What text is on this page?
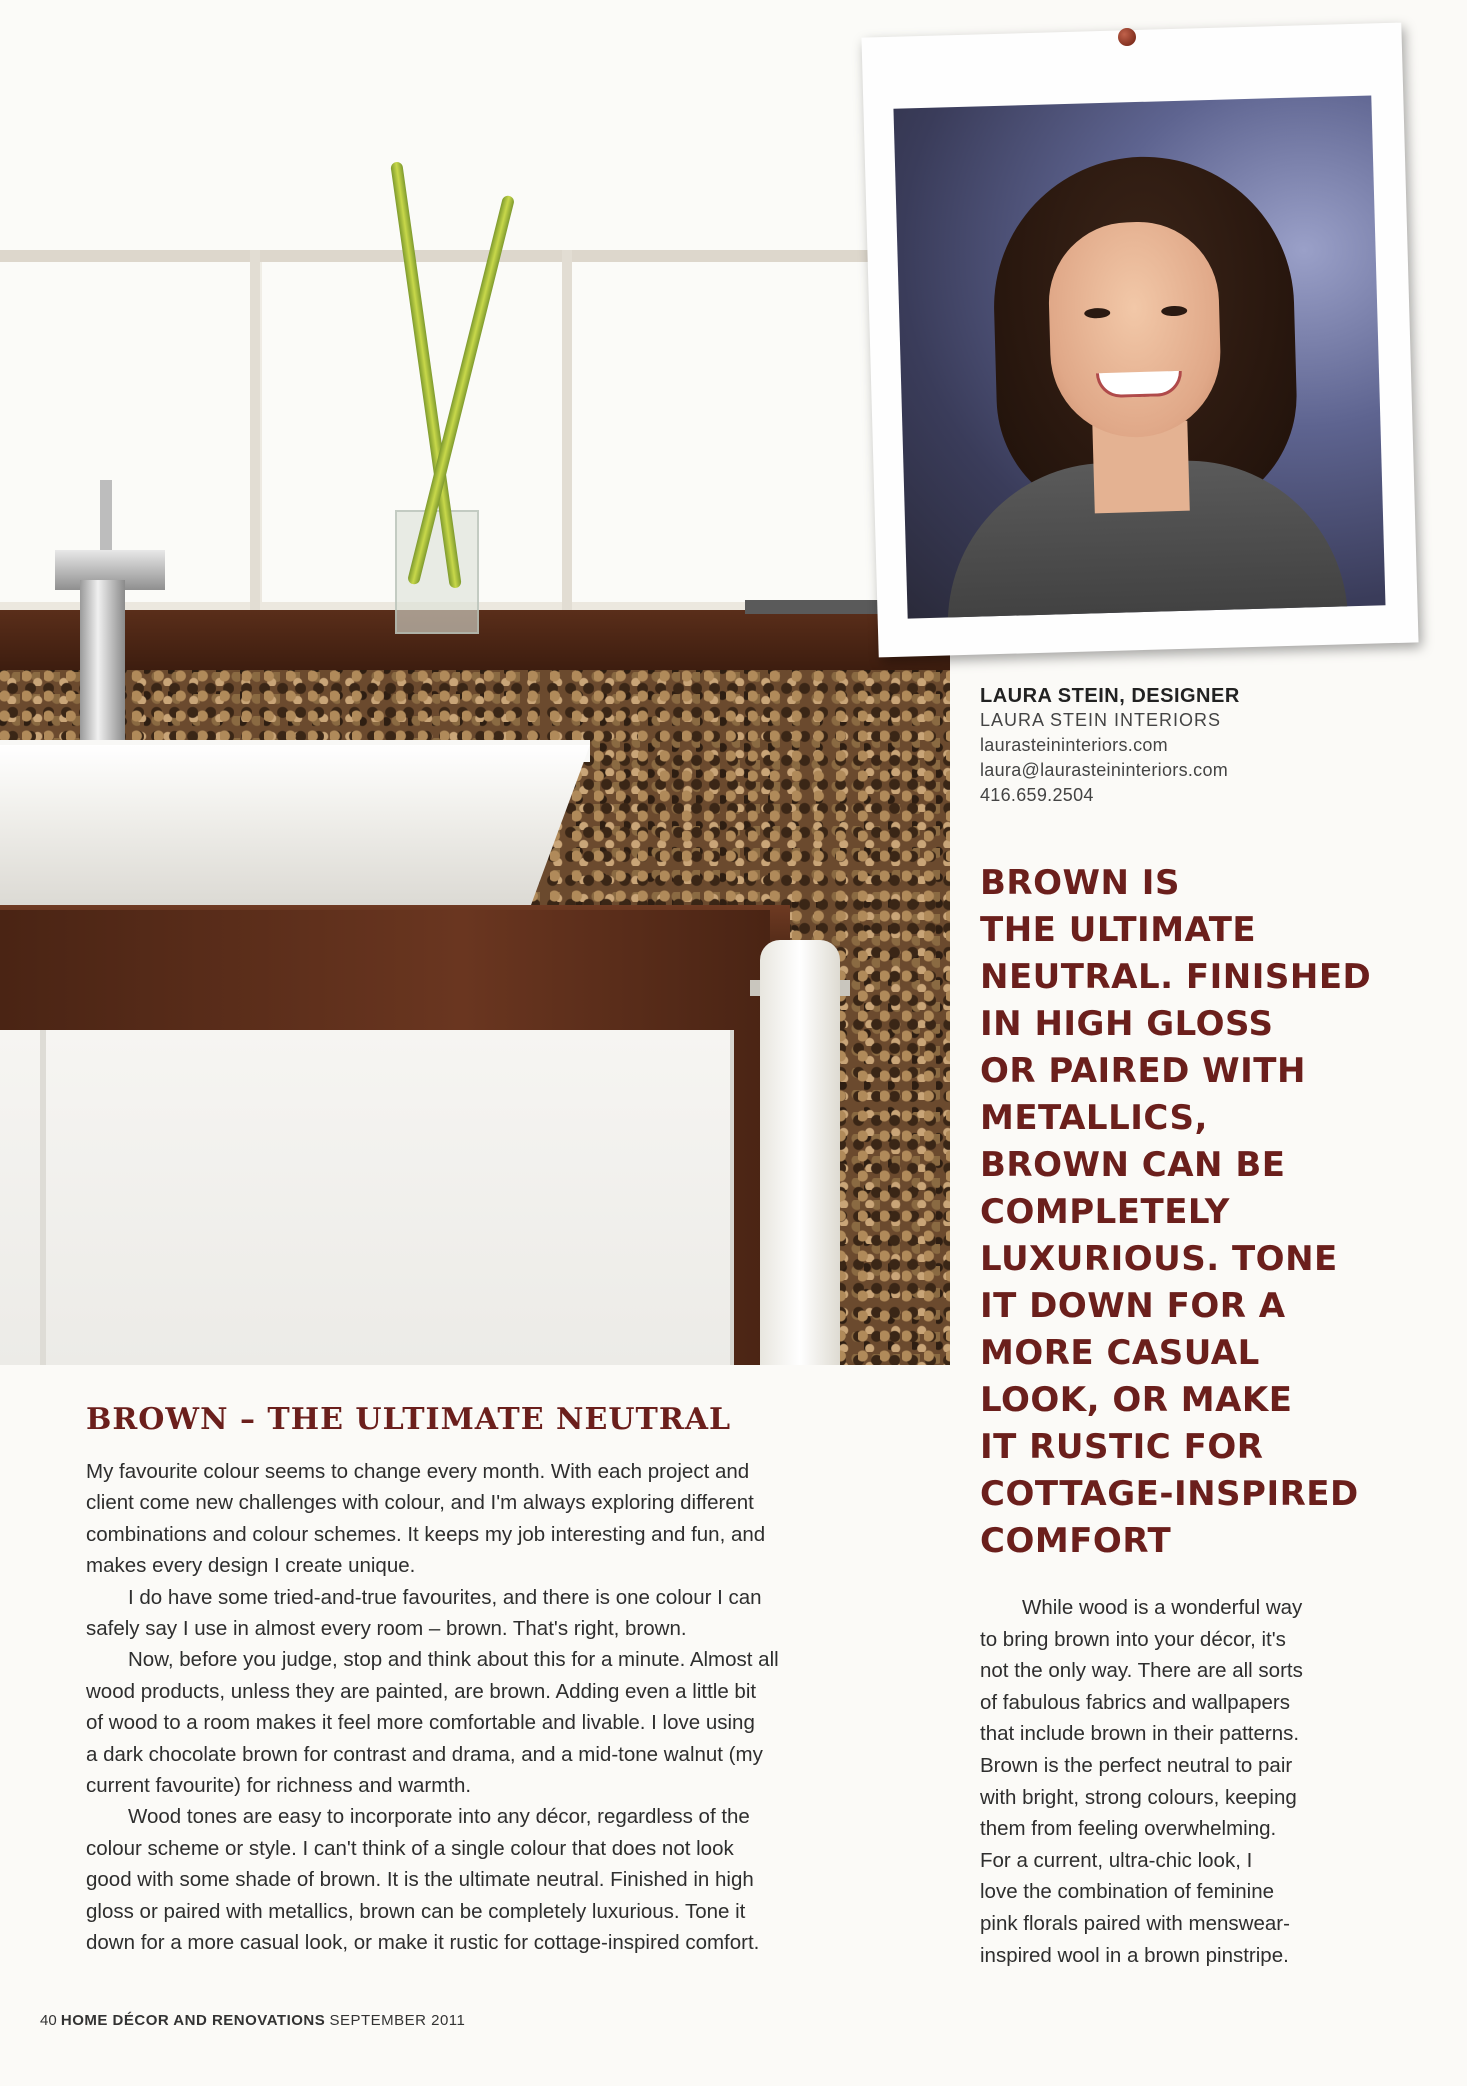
LAURA STEIN, DESIGNER
LAURA STEIN INTERIORS
laurasteininteriors.com
laura@laurasteininteriors.com
416.659.2504
BROWN IS
THE ULTIMATE
NEUTRAL. FINISHED
IN HIGH GLOSS
OR PAIRED WITH
METALLICS,
BROWN CAN BE
COMPLETELY
LUXURIOUS. TONE
IT DOWN FOR A
MORE CASUAL
LOOK, OR MAKE
IT RUSTIC FOR
COTTAGE-INSPIRED
COMFORT
BROWN – THE ULTIMATE NEUTRAL

My favourite colour seems to change every month. With each project and
client come new challenges with colour, and I'm always exploring different
combinations and colour schemes. It keeps my job interesting and fun, and
makes every design I create unique.

I do have some tried-and-true favourites, and there is one colour I can
safely say I use in almost every room – brown. That's right, brown.

Now, before you judge, stop and think about this for a minute. Almost all
wood products, unless they are painted, are brown. Adding even a little bit
of wood to a room makes it feel more comfortable and livable. I love using
a dark chocolate brown for contrast and drama, and a mid-tone walnut (my
current favourite) for richness and warmth.

Wood tones are easy to incorporate into any décor, regardless of the
colour scheme or style. I can't think of a single colour that does not look
good with some shade of brown. It is the ultimate neutral. Finished in high
gloss or paired with metallics, brown can be completely luxurious. Tone it
down for a more casual look, or make it rustic for cottage-inspired comfort.

While wood is a wonderful way
to bring brown into your décor, it's
not the only way. There are all sorts
of fabulous fabrics and wallpapers
that include brown in their patterns.
Brown is the perfect neutral to pair
with bright, strong colours, keeping
them from feeling overwhelming.
For a current, ultra-chic look, I
love the combination of feminine
pink florals paired with menswear-
inspired wool in a brown pinstripe.

40 HOME DÉCOR AND RENOVATIONS SEPTEMBER 2011
